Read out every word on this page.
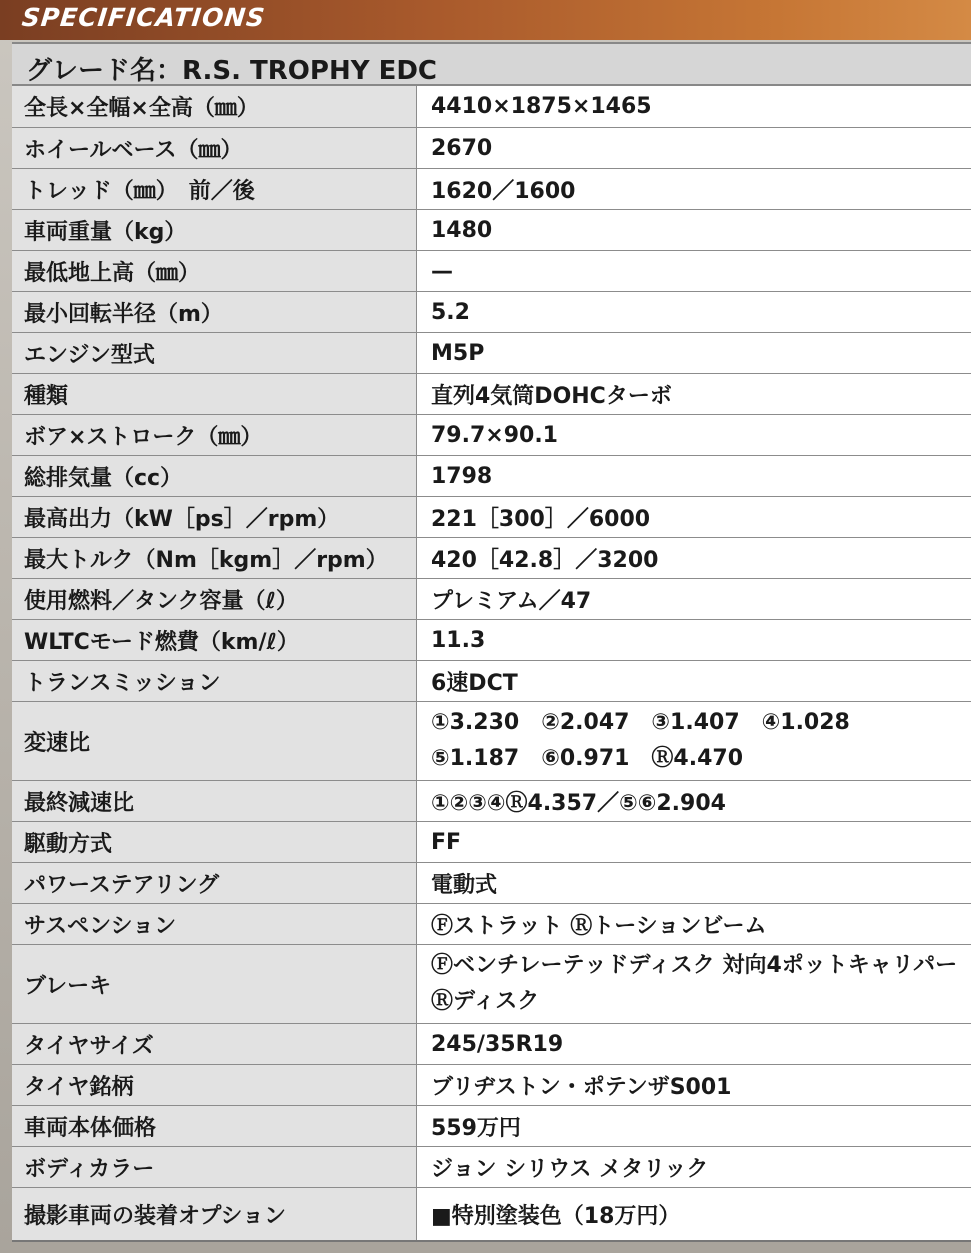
SPECIFICATIONS
グレード名：R.S. TROPHY EDC
全長×全幅×全高（㎜）	4410×1875×1465
ホイールベース（㎜）	2670
トレッド（㎜）　前／後	1620／1600
車両重量（kg）	1480
最低地上高（㎜）	—
最小回転半径（m）	5.2
エンジン型式	M5P
種類	直列4気筒DOHCターボ
ボア×ストローク（㎜）	79.7×90.1
総排気量（cc）	1798
最高出力（kW［ps］／rpm）	221［300］／6000
最大トルク（Nm［kgm］／rpm）	420［42.8］／3200
使用燃料／タンク容量（ℓ）	プレミアム／47
WLTCモード燃費（km/ℓ）	11.3
トランスミッション	6速DCT
変速比	①3.230　②2.047　③1.407　④1.028
⑤1.187　⑥0.971　Ⓡ4.470

最終減速比	①②③④Ⓡ4.357／⑤⑥2.904
駆動方式	FF
パワーステアリング	電動式
サスペンション	Ⓕストラット Ⓡトーションビーム
ブレーキ	Ⓕベンチレーテッドディスク 対向4ポットキャリパー
Ⓡディスク

タイヤサイズ	245/35R19
タイヤ銘柄	ブリヂストン・ポテンザS001
車両本体価格	559万円
ボディカラー	ジョン シリウス メタリック
撮影車両の装着オプション	■特別塗装色（18万円）
